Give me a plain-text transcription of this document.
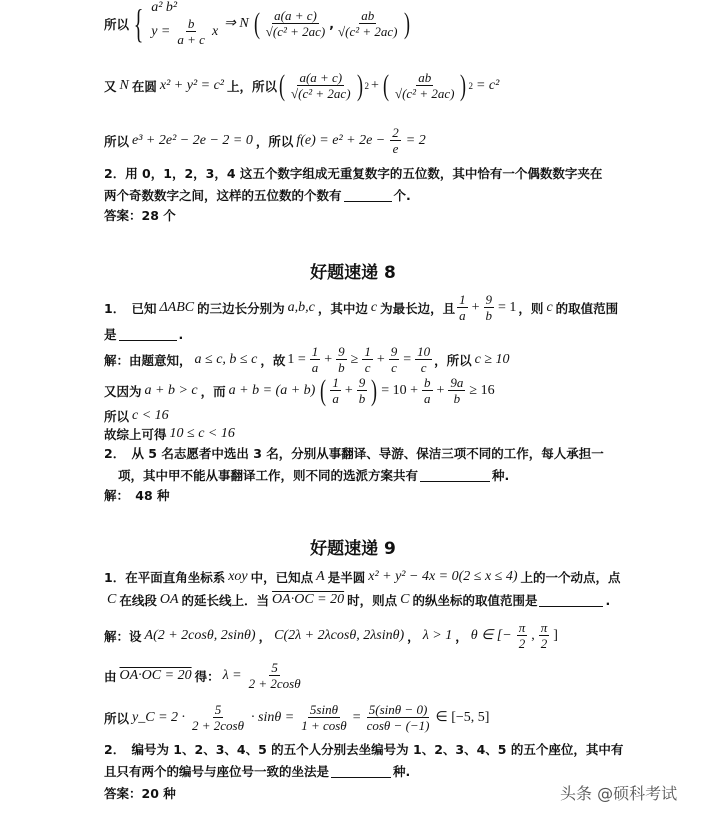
所以 { a² b²
$y = \frac{b}{a + c}$ x ⇒ N ( $\frac{a(a + c)}{\text{√(c² + 2ac)}}$ , $\frac{ab}{\text{√(c² + 2ac)}}$ )
又 N 在圆 x² + y² = c² 上，所以 ( $\frac{a(a + c)}{\text{√(c² + 2ac)}}$ ) 2 + ( $\frac{ab}{\text{√(c² + 2ac)}}$ ) 2 = c²
所以 e³ + 2e² − 2e − 2 = 0 ，所以 $f(e) = e^2 + 2e - \frac{2}{e} = 2$
2．用 0，1，2，3，4 这五个数字组成无重复数字的五位数，其中恰有一个偶数数字夹在
两个奇数数字之间，这样的五位数的个数有	个.
答案：28 个
好题速递 8
1．　已知 ΔABC 的三边长分别为 a,b,c ，其中边 c 为最长边，且 $\frac{1}{a} + \frac{9}{b} = 1$ ，则 c 的取值范围
是	.
解：由题意知， a ≤ c, b ≤ c ，故 $1 = \frac{1}{a} + \frac{9}{b} \ge \frac{1}{c} + \frac{9}{c} = \frac{10}{c}$ ，所以 c ≥ 10
又因为 a + b > c ，而 a + b = (a + b) ( $\frac{1}{a} + \frac{9}{b}$ ) = $10 + \frac{b}{a} + \frac{9a}{b} \ge 16$
所以 c < 16
故综上可得 10 ≤ c < 16
2．　从 5 名志愿者中选出 3 名，分别从事翻译、导游、保洁三项不同的工作，每人承担一
项，其中甲不能从事翻译工作，则不同的选派方案共有	种.
解：　48 种
好题速递 9
1．在平面直角坐标系 xoy 中，已知点 A 是半圆 x² + y² − 4x = 0(2 ≤ x ≤ 4) 上的一个动点，点
C 在线段 OA 的延长线上．当 OA·OC = 20 时，则点 C 的纵坐标的取值范围是	.
解：设 A(2 + 2cosθ, 2sinθ) ， C(2λ + 2λcosθ, 2λsinθ) ， λ > 1 ， θ ∈ [− $\frac{\pi}{2}$ , $\frac{\pi}{2}$ ]
由 OA·OC = 20 得： $\lambda = \frac{5}{2 + 2\cos\theta}$
所以 y_C = $2 \cdot \frac{5}{2 + 2\cos\theta} \cdot \sin\theta = \frac{5\sin\theta}{1 + \cos\theta} = \frac{5(\sin\theta - 0)}{\cos\theta - (-1)}$ ∈ [−5, 5]
2．　编号为 1、2、3、4、5 的五个人分别去坐编号为 1、2、3、4、5 的五个座位，其中有
且只有两个的编号与座位号一致的坐法是	种.
答案：20 种	头条 @硕科考试
